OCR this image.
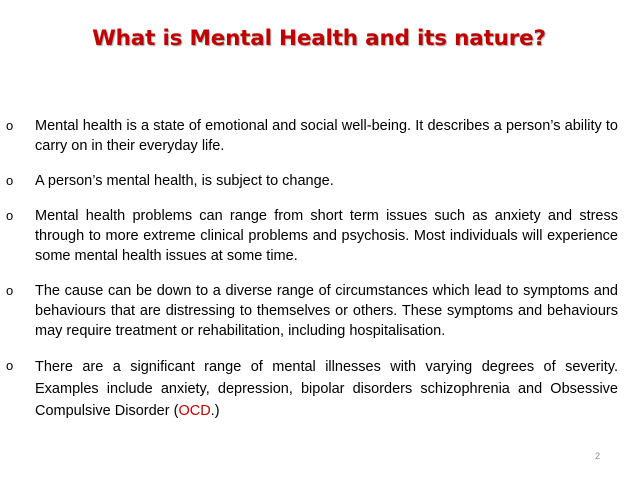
What is Mental Health and its nature?
o	Mental health is a state of emotional and social well-being. It describes a person’s ability to carry on in their everyday life.
o	A person’s mental health, is subject to change.
o	Mental health problems can range from short term issues such as anxiety and stress through to more extreme clinical problems and psychosis. Most individuals will experience some mental health issues at some time.
o	The cause can be down to a diverse range of circumstances which lead to symptoms and behaviours that are distressing to themselves or others. These symptoms and behaviours may require treatment or rehabilitation, including hospitalisation.
o	There are a significant range of mental illnesses with varying degrees of severity. Examples include anxiety, depression, bipolar disorders schizophrenia and Obsessive Compulsive Disorder (OCD.)
2
